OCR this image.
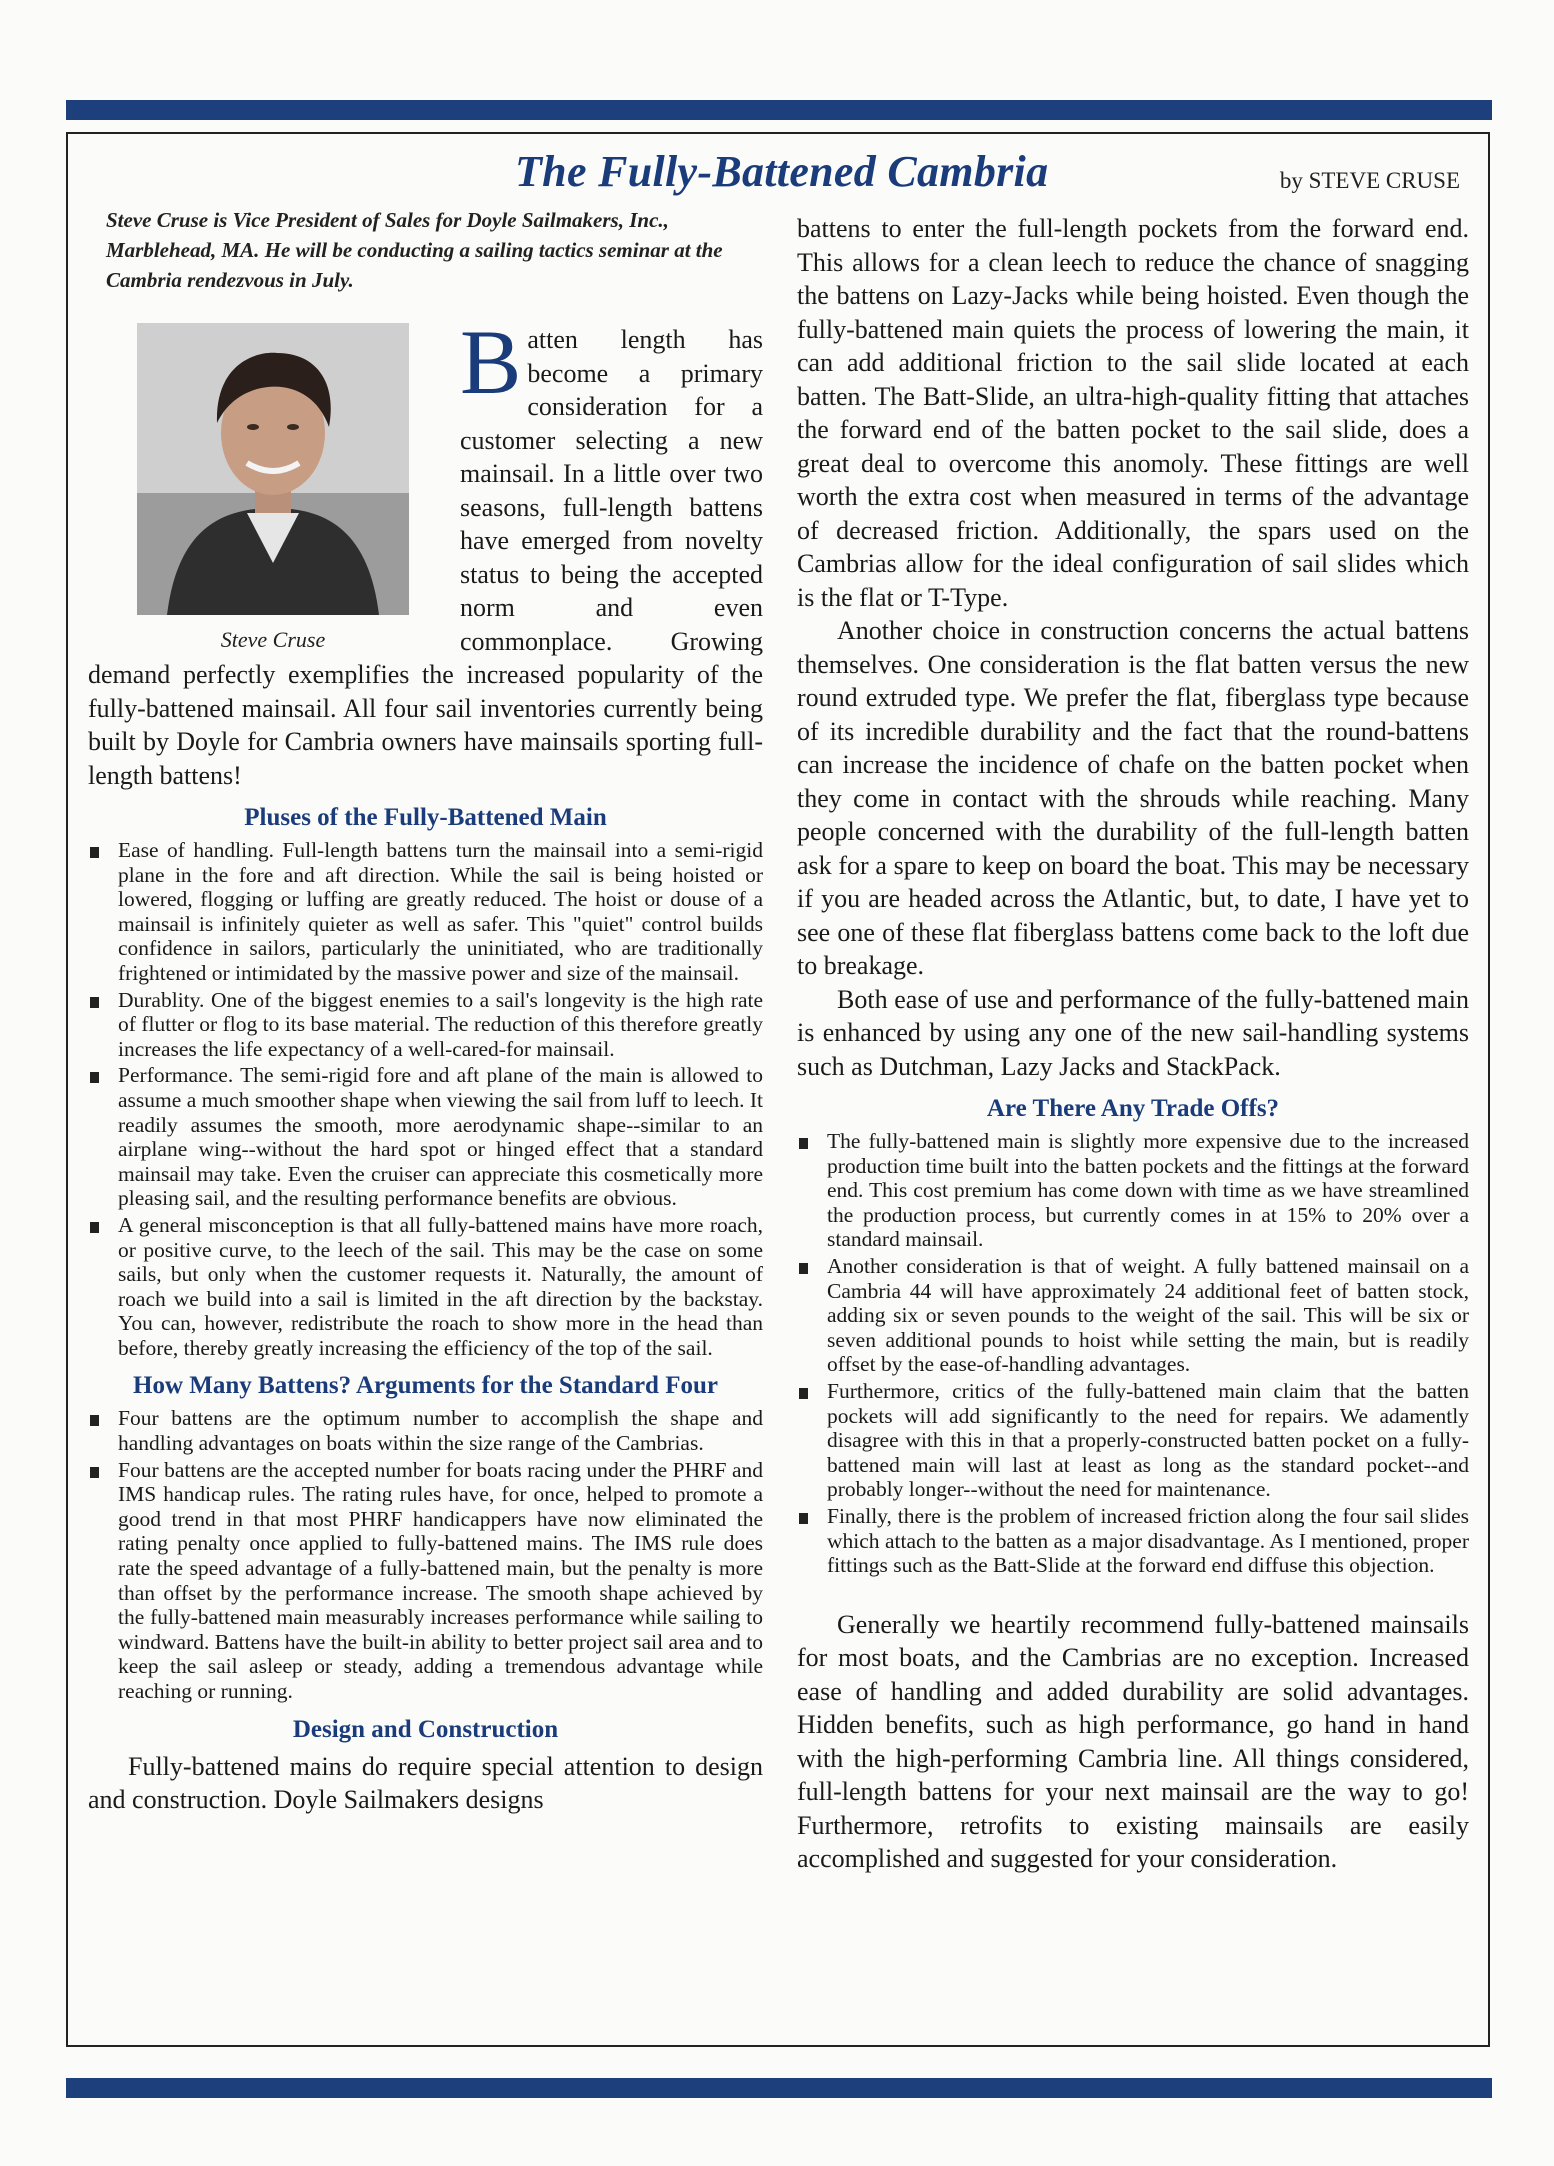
The Fully-Battened Cambria	by STEVE CRUSE

Steve Cruse is Vice President of Sales for Doyle Sailmakers, Inc., Marblehead, MA. He will be conducting a sailing tactics seminar at the Cambria rendezvous in July.

Steve Cruse

Batten length has become a primary consideration for a customer selecting a new mainsail. In a little over two seasons, full-length battens have emerged from novelty status to being the accepted norm and even commonplace. Growing demand perfectly exemplifies the increased popularity of the fully-battened mainsail. All four sail inventories currently being built by Doyle for Cambria owners have mainsails sporting full-length battens!

Pluses of the Fully-Battened Main
Ease of handling. Full-length battens turn the mainsail into a semi-rigid plane in the fore and aft direction. While the sail is being hoisted or lowered, flogging or luffing are greatly reduced. The hoist or douse of a mainsail is infinitely quieter as well as safer. This "quiet" control builds confidence in sailors, particularly the uninitiated, who are traditionally frightened or intimidated by the massive power and size of the mainsail.
Durablity. One of the biggest enemies to a sail's longevity is the high rate of flutter or flog to its base material. The reduction of this therefore greatly increases the life expectancy of a well-cared-for mainsail.
Performance. The semi-rigid fore and aft plane of the main is allowed to assume a much smoother shape when viewing the sail from luff to leech. It readily assumes the smooth, more aerodynamic shape--similar to an airplane wing--without the hard spot or hinged effect that a standard mainsail may take. Even the cruiser can appreciate this cosmetically more pleasing sail, and the resulting performance benefits are obvious.
A general misconception is that all fully-battened mains have more roach, or positive curve, to the leech of the sail. This may be the case on some sails, but only when the customer requests it. Naturally, the amount of roach we build into a sail is limited in the aft direction by the backstay. You can, however, redistribute the roach to show more in the head than before, thereby greatly increasing the efficiency of the top of the sail.
How Many Battens? Arguments for the Standard Four
Four battens are the optimum number to accomplish the shape and handling advantages on boats within the size range of the Cambrias.
Four battens are the accepted number for boats racing under the PHRF and IMS handicap rules. The rating rules have, for once, helped to promote a good trend in that most PHRF handicappers have now eliminated the rating penalty once applied to fully-battened mains. The IMS rule does rate the speed advantage of a fully-battened main, but the penalty is more than offset by the performance increase. The smooth shape achieved by the fully-battened main measurably increases performance while sailing to windward. Battens have the built-in ability to better project sail area and to keep the sail asleep or steady, adding a tremendous advantage while reaching or running.
Design and Construction

Fully-battened mains do require special attention to design and construction. Doyle Sailmakers designs

battens to enter the full-length pockets from the forward end. This allows for a clean leech to reduce the chance of snagging the battens on Lazy-Jacks while being hoisted. Even though the fully-battened main quiets the process of lowering the main, it can add additional friction to the sail slide located at each batten. The Batt-Slide, an ultra-high-quality fitting that attaches the forward end of the batten pocket to the sail slide, does a great deal to overcome this anomoly. These fittings are well worth the extra cost when measured in terms of the advantage of decreased friction. Additionally, the spars used on the Cambrias allow for the ideal configuration of sail slides which is the flat or T-Type.

Another choice in construction concerns the actual battens themselves. One consideration is the flat batten versus the new round extruded type. We prefer the flat, fiberglass type because of its incredible durability and the fact that the round-battens can increase the incidence of chafe on the batten pocket when they come in contact with the shrouds while reaching. Many people concerned with the durability of the full-length batten ask for a spare to keep on board the boat. This may be necessary if you are headed across the Atlantic, but, to date, I have yet to see one of these flat fiberglass battens come back to the loft due to breakage.

Both ease of use and performance of the fully-battened main is enhanced by using any one of the new sail-handling systems such as Dutchman, Lazy Jacks and StackPack.

Are There Any Trade Offs?
The fully-battened main is slightly more expensive due to the increased production time built into the batten pockets and the fittings at the forward end. This cost premium has come down with time as we have streamlined the production process, but currently comes in at 15% to 20% over a standard mainsail.
Another consideration is that of weight. A fully battened mainsail on a Cambria 44 will have approximately 24 additional feet of batten stock, adding six or seven pounds to the weight of the sail. This will be six or seven additional pounds to hoist while setting the main, but is readily offset by the ease-of-handling advantages.
Furthermore, critics of the fully-battened main claim that the batten pockets will add significantly to the need for repairs. We adamently disagree with this in that a properly-constructed batten pocket on a fully-battened main will last at least as long as the standard pocket--and probably longer--without the need for maintenance.
Finally, there is the problem of increased friction along the four sail slides which attach to the batten as a major disadvantage. As I mentioned, proper fittings such as the Batt-Slide at the forward end diffuse this objection.

Generally we heartily recommend fully-battened mainsails for most boats, and the Cambrias are no exception. Increased ease of handling and added durability are solid advantages. Hidden benefits, such as high performance, go hand in hand with the high-performing Cambria line. All things considered, full-length battens for your next mainsail are the way to go! Furthermore, retrofits to existing mainsails are easily accomplished and suggested for your consideration.
